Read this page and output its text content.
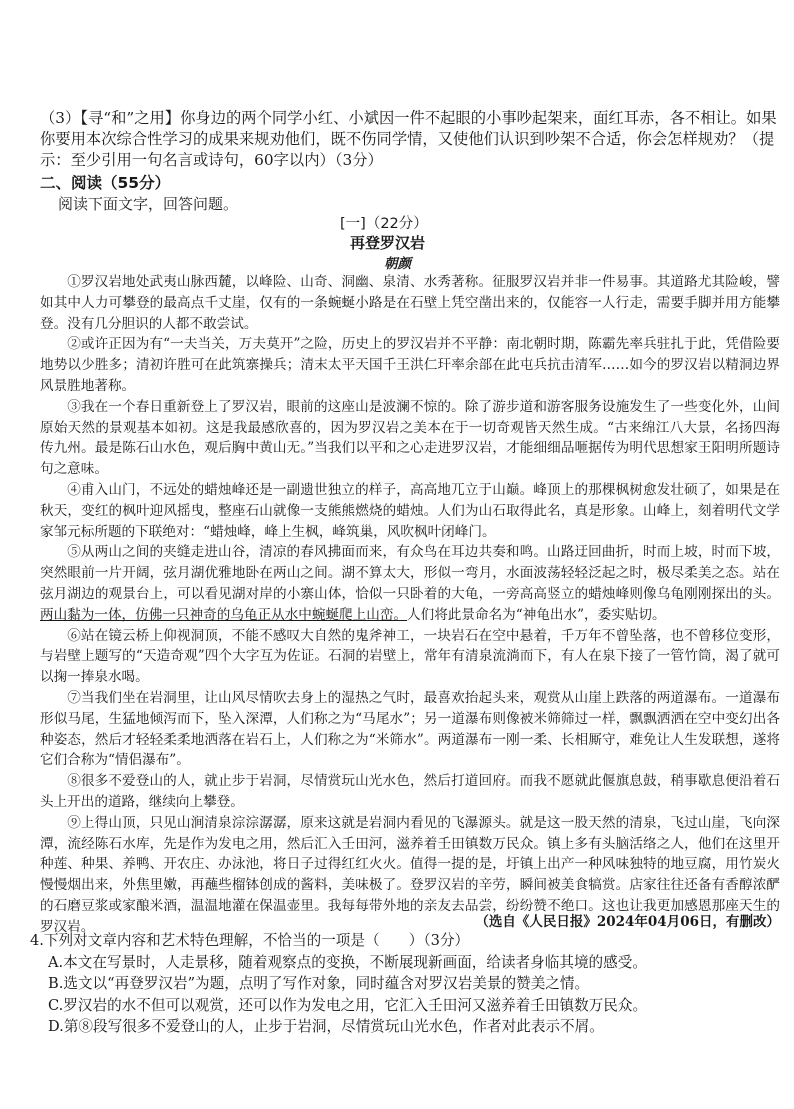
（3）【寻“和”之用】你身边的两个同学小红、小斌因一件不起眼的小事吵起架来，面红耳赤，各不相让。如果你要用本次综合性学习的成果来规劝他们，既不伤同学情，又使他们认识到吵架不合适，你会怎样规劝？（提示：至少引用一句名言或诗句，60字以内）（3分）

二、阅读（55分）
阅读下面文字，回答问题。
[一]（22分）
再登罗汉岩
朝颜

①罗汉岩地处武夷山脉西麓，以峰险、山奇、洞幽、泉清、水秀著称。征服罗汉岩并非一件易事。其道路尤其险峻，譬如其中人力可攀登的最高点千丈崖，仅有的一条蜿蜒小路是在石壁上凭空凿出来的，仅能容一人行走，需要手脚并用方能攀登。没有几分胆识的人都不敢尝试。

②或许正因为有“一夫当关，万夫莫开”之险，历史上的罗汉岩并不平静：南北朝时期，陈霸先率兵驻扎于此，凭借险要地势以少胜多；清初许胜可在此筑寨操兵；清末太平天国千王洪仁玕率余部在此屯兵抗击清军……如今的罗汉岩以精洞边界风景胜地著称。

③我在一个春日重新登上了罗汉岩，眼前的这座山是波澜不惊的。除了游步道和游客服务设施发生了一些变化外，山间原始天然的景观基本如初。这是我最感欣喜的，因为罗汉岩之美本在于一切奇观皆天然生成。“古来绵江八大景，名扬四海传九州。最是陈石山水色，观后胸中黄山无。”当我们以平和之心走进罗汉岩，才能细细品咂据传为明代思想家王阳明所题诗句之意味。

④甫入山门，不远处的蜡烛峰还是一副遗世独立的样子，高高地兀立于山巅。峰顶上的那棵枫树愈发壮硕了，如果是在秋天，变红的枫叶迎风摇曳，整座石山就像一支熊熊燃烧的蜡烛。人们为山石取得此名，真是形象。山峰上，刻着明代文学家邹元标所题的下联绝对：“蜡烛峰，峰上生枫，峰筑巢，风吹枫叶闭峰门。

⑤从两山之间的夹缝走进山谷，清凉的春风拂面而来，有众鸟在耳边共奏和鸣。山路迂回曲折，时而上坡，时而下坡，突然眼前一片开阔，弦月湖优雅地卧在两山之间。湖不算太大，形似一弯月，水面波荡轻轻泛起之时，极尽柔美之态。站在弦月湖边的观景台上，可以看见湖对岸的小寨山体，恰似一只卧着的大龟，一旁高高竖立的蜡烛峰则像乌龟刚刚探出的头。两山黏为一体，仿佛一只神奇的乌龟正从水中蜿蜒爬上山峦。人们将此景命名为“神龟出水”，委实贴切。

⑥站在镜云桥上仰视洞顶，不能不感叹大自然的鬼斧神工，一块岩石在空中悬着，千万年不曾坠落，也不曾移位变形，与岩壁上题写的“天造奇观”四个大字互为佐证。石洞的岩壁上，常年有清泉流淌而下，有人在泉下接了一管竹筒，渴了就可以掬一捧泉水喝。

⑦当我们坐在岩洞里，让山风尽情吹去身上的湿热之气时，最喜欢抬起头来，观赏从山崖上跌落的两道瀑布。一道瀑布形似马尾，生猛地倾泻而下，坠入深潭，人们称之为“马尾水”；另一道瀑布则像被米筛筛过一样，飘飘洒洒在空中变幻出各种姿态，然后才轻轻柔柔地洒落在岩石上，人们称之为“米筛水”。两道瀑布一刚一柔、长相厮守，难免让人生发联想，遂将它们合称为“情侣瀑布”。

⑧很多不爱登山的人，就止步于岩洞，尽情赏玩山光水色，然后打道回府。而我不愿就此偃旗息鼓，稍事歇息便沿着石头上开出的道路，继续向上攀登。

⑨上得山顶，只见山涧清泉淙淙潺潺，原来这就是岩洞内看见的飞瀑源头。就是这一股天然的清泉，飞过山崖，飞向深潭，流经陈石水库，先是作为发电之用，然后汇入壬田河，滋养着壬田镇数万民众。镇上多有头脑活络之人，他们在这里开种莲、种果、养鸭、开农庄、办泳池，将日子过得红红火火。值得一提的是，圩镇上出产一种风味独特的地豆腐，用竹炭火慢慢烟出来，外焦里嫩，再蘸些榴钵创成的酱料，美味极了。登罗汉岩的辛劳，瞬间被美食犒赏。店家往往还备有香醇浓酽的石磨豆浆或家酿米酒，温温地灌在保温壶里。我每每带外地的亲友去品尝，纷纷赞不绝口。这也让我更加感恩那座天生的罗汉岩。	（选自《人民日报》2024年04月06日，有删改）

4.下列对文章内容和艺术特色理解，不恰当的一项是（　　）（3分）

A.本文在写景时，人走景移，随着观察点的变换，不断展现新画面，给读者身临其境的感受。

B.选文以“再登罗汉岩”为题，点明了写作对象，同时蕴含对罗汉岩美景的赞美之情。

C.罗汉岩的水不但可以观赏，还可以作为发电之用，它汇入壬田河又滋养着壬田镇数万民众。

D.第⑧段写很多不爱登山的人，止步于岩洞，尽情赏玩山光水色，作者对此表示不屑。
